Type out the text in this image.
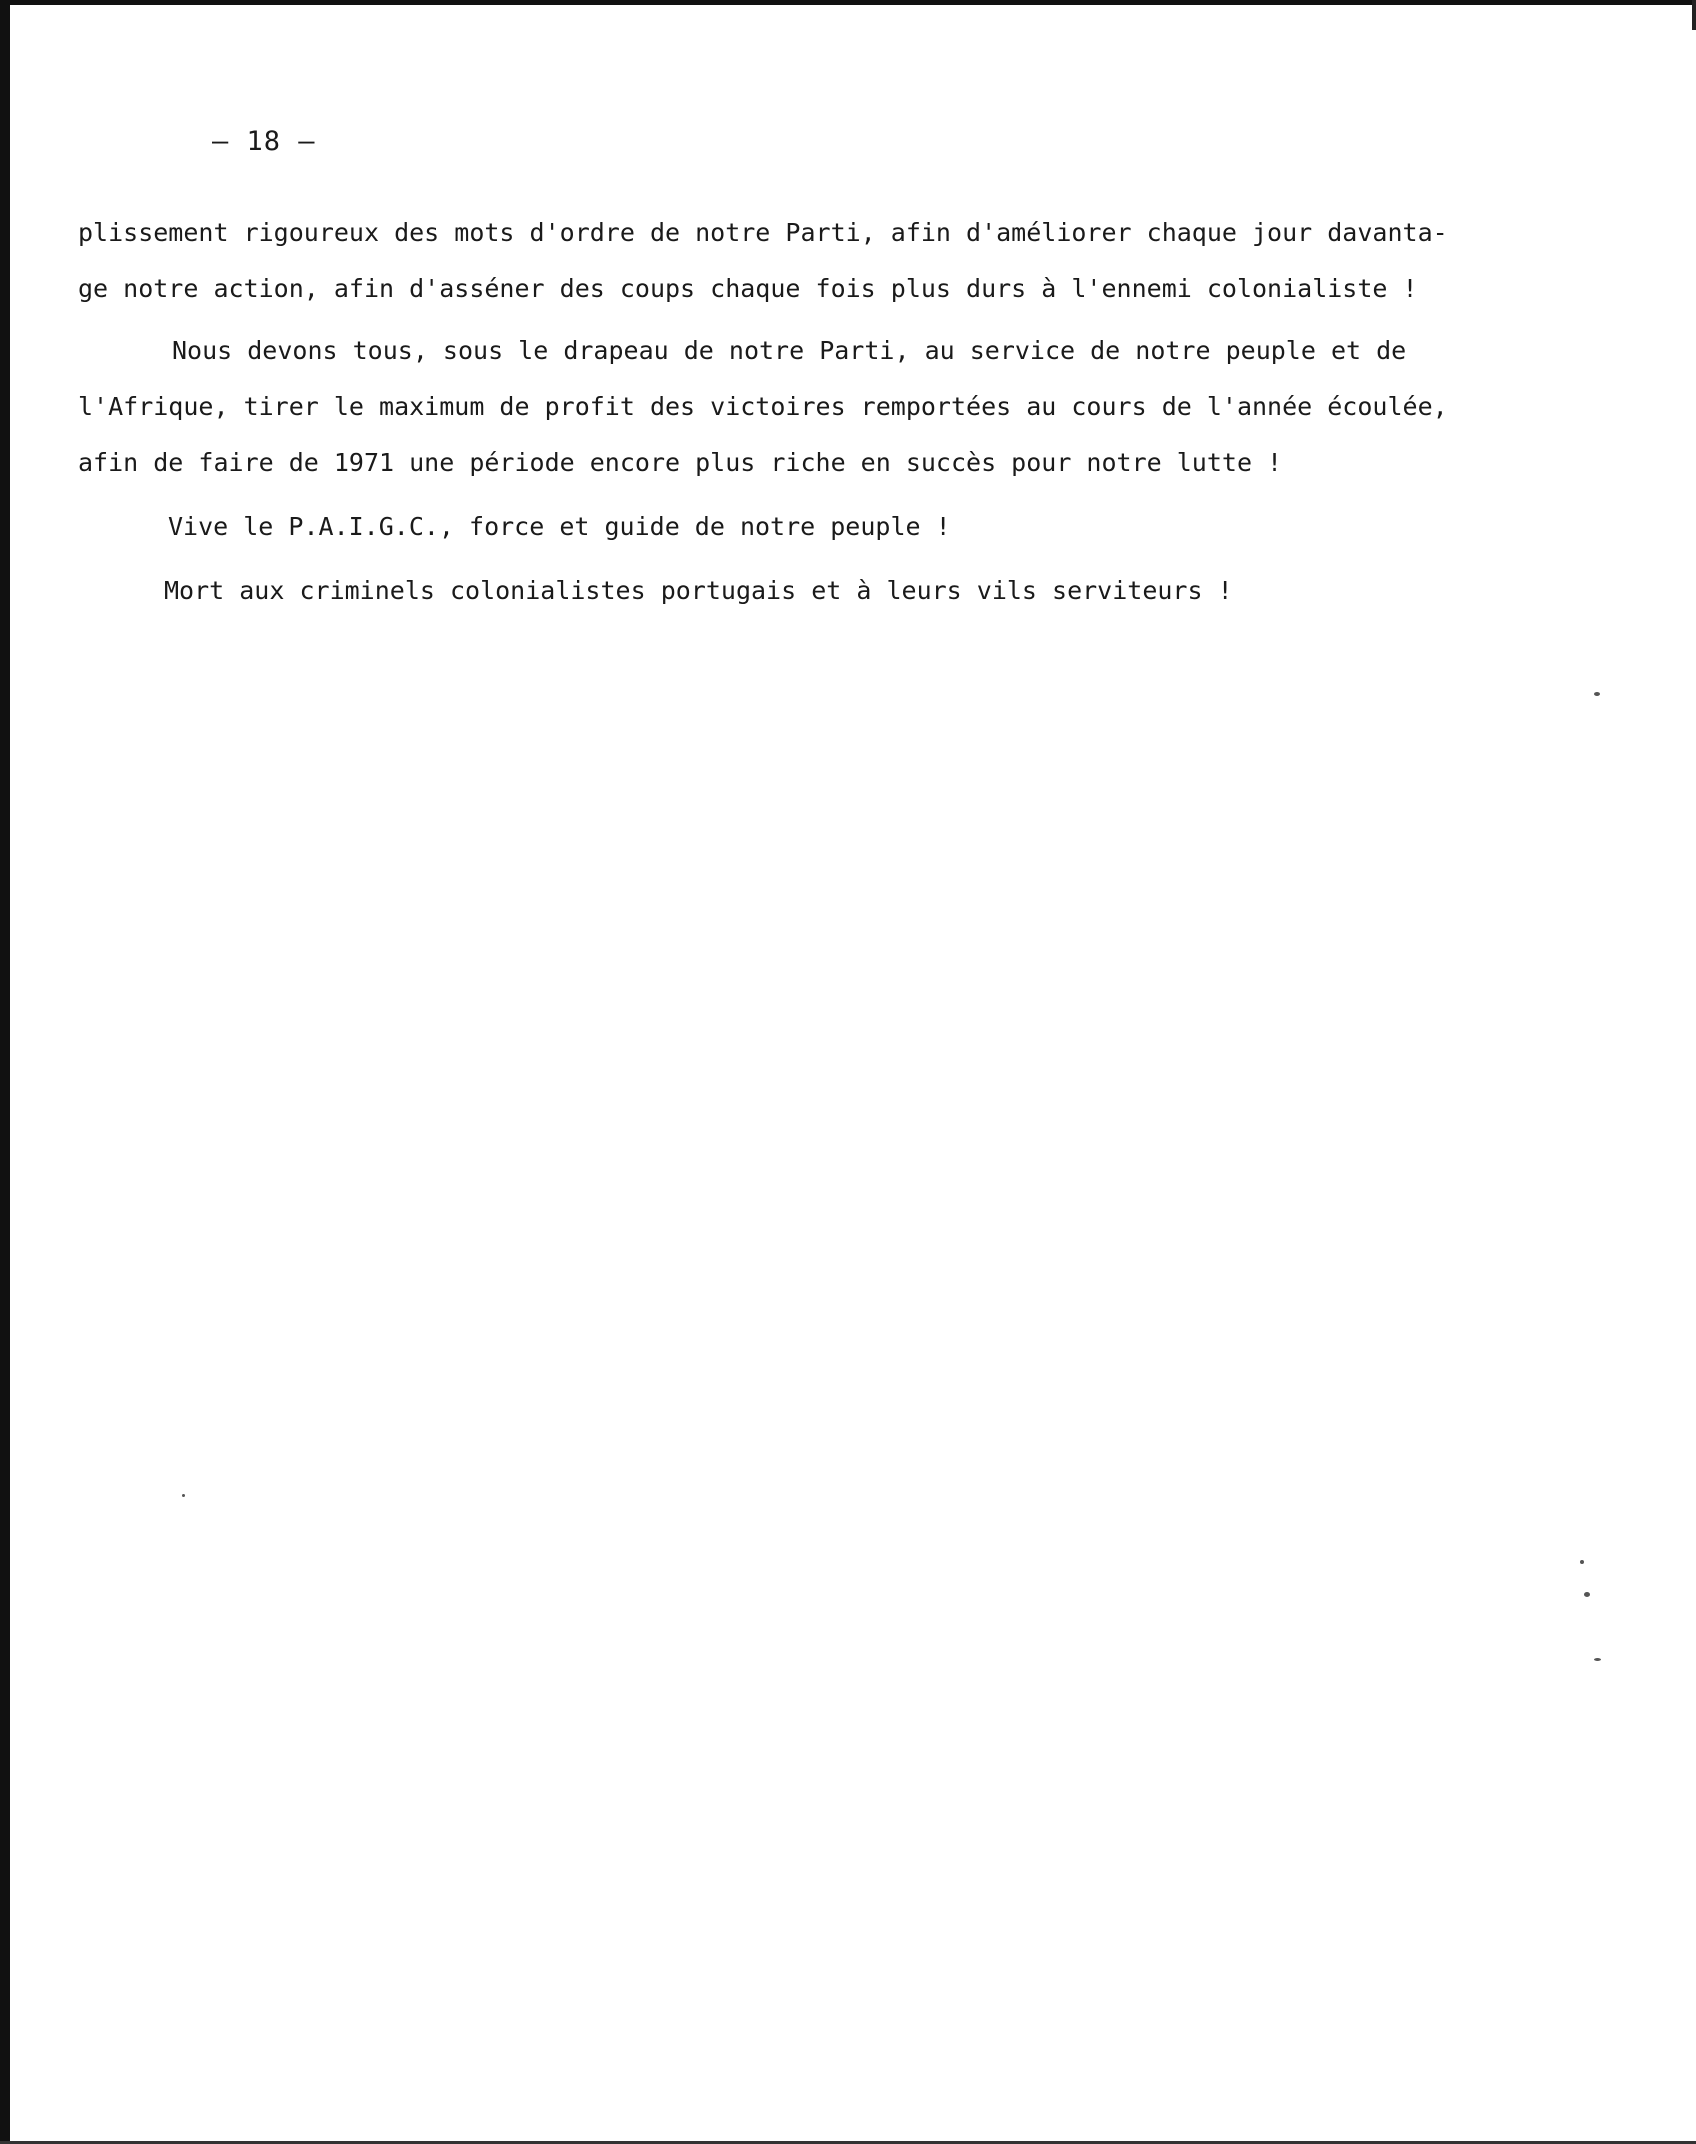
– 18 –

plissement rigoureux des mots d'ordre de notre Parti, afin d'améliorer chaque jour davanta-

ge notre action, afin d'asséner des coups chaque fois plus durs à l'ennemi colonialiste !

Nous devons tous, sous le drapeau de notre Parti, au service de notre peuple et de

l'Afrique, tirer le maximum de profit des victoires remportées au cours de l'année écoulée,

afin de faire de 1971 une période encore plus riche en succès pour notre lutte !

Vive le P.A.I.G.C., force et guide de notre peuple !

Mort aux criminels colonialistes portugais et à leurs vils serviteurs !
